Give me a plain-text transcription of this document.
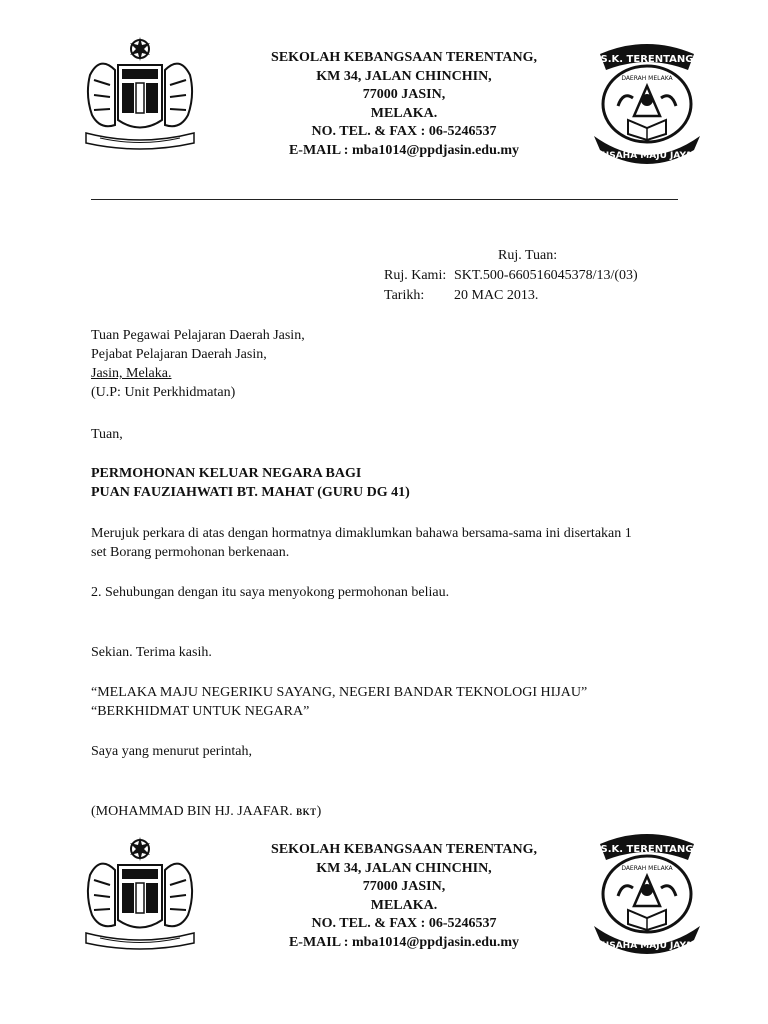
SEKOLAH KEBANGSAAN TERENTANG,
KM 34, JALAN CHINCHIN,
77000 JASIN,
MELAKA.
NO. TEL. & FAX : 06-5246537
E-MAIL : mba1014@ppdjasin.edu.my
S.K. TERENTANG
DAERAH MELAKA
USAHA MAJU JAYA
Ruj. Tuan:
Ruj. Kami: SKT.500-660516045378/13/(03)
Tarikh: 20 MAC 2013.
Tuan Pegawai Pelajaran Daerah Jasin,
Pejabat Pelajaran Daerah Jasin,
Jasin, Melaka.
(U.P: Unit Perkhidmatan)
Tuan,
PERMOHONAN KELUAR NEGARA BAGI
PUAN FAUZIAHWATI BT. MAHAT (GURU DG 41)
Merujuk perkara di atas dengan hormatnya dimaklumkan bahawa bersama-sama ini disertakan 1
set Borang permohonan berkenaan.
2. Sehubungan dengan itu saya menyokong permohonan beliau.
Sekian. Terima kasih.
“MELAKA MAJU NEGERIKU SAYANG, NEGERI BANDAR TEKNOLOGI HIJAU”
“BERKHIDMAT UNTUK NEGARA”
Saya yang menurut perintah,
(MOHAMMAD BIN HJ. JAAFAR. BKT)
SEKOLAH KEBANGSAAN TERENTANG,
KM 34, JALAN CHINCHIN,
77000 JASIN,
MELAKA.
NO. TEL. & FAX : 06-5246537
E-MAIL : mba1014@ppdjasin.edu.my
S.K. TERENTANG
DAERAH MELAKA
USAHA MAJU JAYA
